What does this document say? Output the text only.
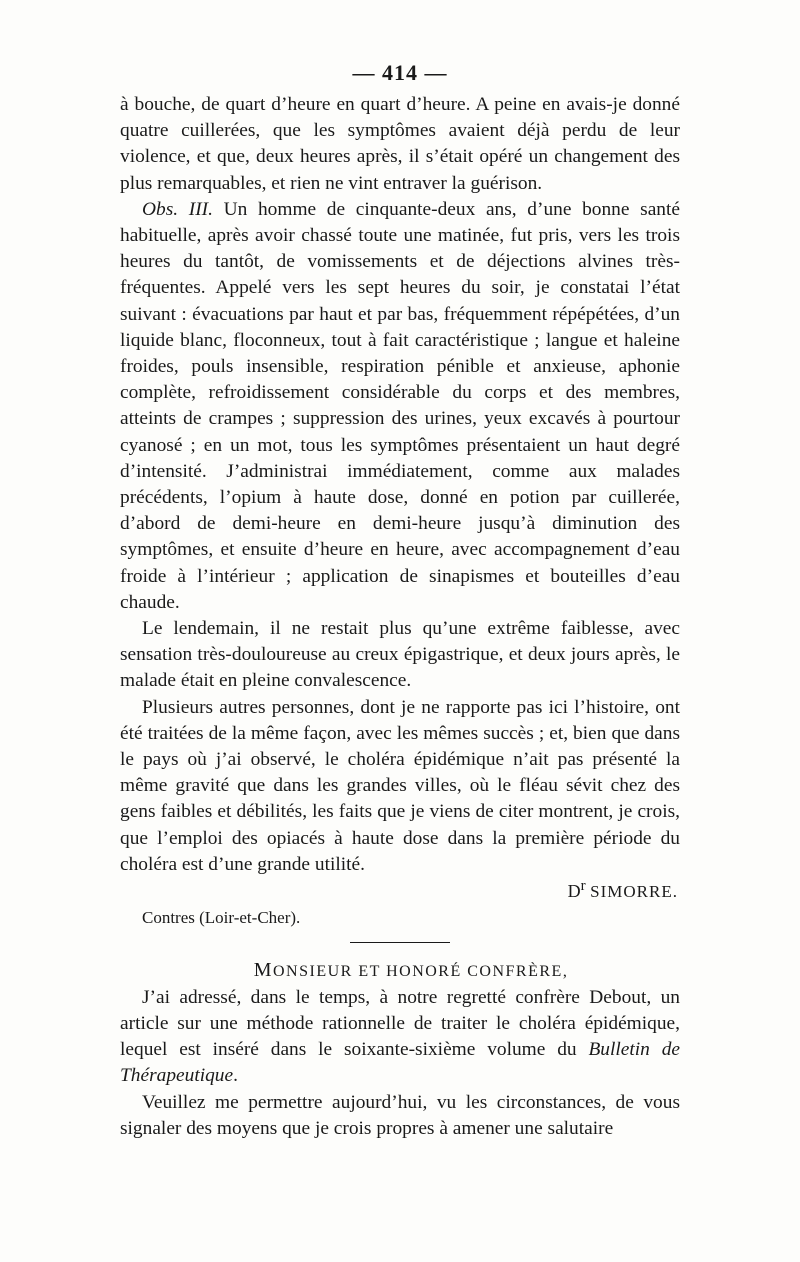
— 414 —

à bouche, de quart d’heure en quart d’heure. A peine en avais-je donné quatre cuillerées, que les symptômes avaient déjà perdu de leur violence, et que, deux heures après, il s’était opéré un changement des plus remarquables, et rien ne vint entraver la guérison.

Obs. III. Un homme de cinquante-deux ans, d’une bonne santé habituelle, après avoir chassé toute une matinée, fut pris, vers les trois heures du tantôt, de vomissements et de déjections alvines très-fréquentes. Appelé vers les sept heures du soir, je constatai l’état suivant : évacuations par haut et par bas, fréquemment répépétées, d’un liquide blanc, floconneux, tout à fait caractéristique ; langue et haleine froides, pouls insensible, respiration pénible et anxieuse, aphonie complète, refroidissement considérable du corps et des membres, atteints de crampes ; suppression des urines, yeux excavés à pourtour cyanosé ; en un mot, tous les symptômes présentaient un haut degré d’intensité. J’administrai immédiatement, comme aux malades précédents, l’opium à haute dose, donné en potion par cuillerée, d’abord de demi-heure en demi-heure jusqu’à diminution des symptômes, et ensuite d’heure en heure, avec accompagnement d’eau froide à l’intérieur ; application de sinapismes et bouteilles d’eau chaude.

Le lendemain, il ne restait plus qu’une extrême faiblesse, avec sensation très-douloureuse au creux épigastrique, et deux jours après, le malade était en pleine convalescence.

Plusieurs autres personnes, dont je ne rapporte pas ici l’histoire, ont été traitées de la même façon, avec les mêmes succès ; et, bien que dans le pays où j’ai observé, le choléra épidémique n’ait pas présenté la même gravité que dans les grandes villes, où le fléau sévit chez des gens faibles et débilités, les faits que je viens de citer montrent, je crois, que l’emploi des opiacés à haute dose dans la première période du choléra est d’une grande utilité.

$D^r$ SIMORRE.

Contres (Loir-et-Cher).

MONSIEUR ET HONORÉ CONFRÈRE,

J’ai adressé, dans le temps, à notre regretté confrère Debout, un article sur une méthode rationnelle de traiter le choléra épidémique, lequel est inséré dans le soixante-sixième volume du Bulletin de Thérapeutique.

Veuillez me permettre aujourd’hui, vu les circonstances, de vous signaler des moyens que je crois propres à amener une salutaire
